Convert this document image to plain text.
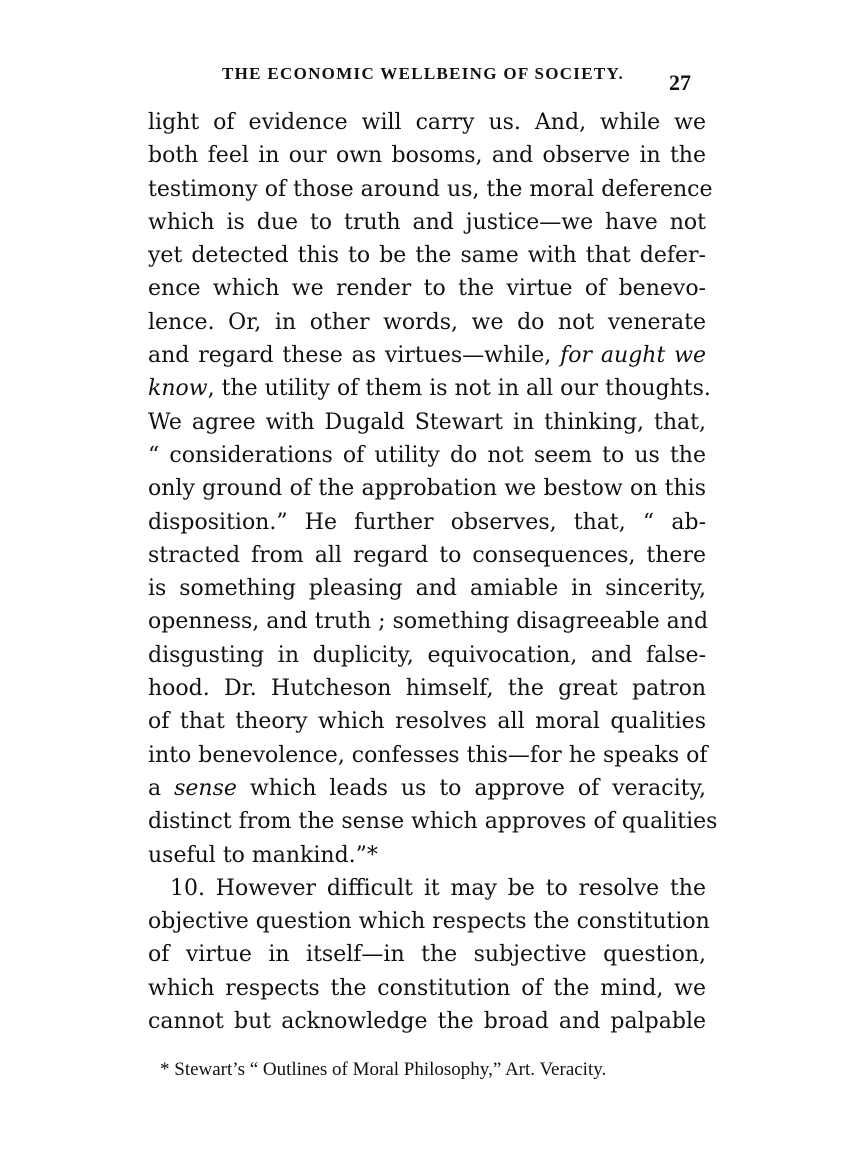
THE ECONOMIC WELLBEING OF SOCIETY. 27
light of evidence will carry us. And, while we
both feel in our own bosoms, and observe in the
testimony of those around us, the moral deference
which is due to truth and justice—we have not
yet detected this to be the same with that defer-
ence which we render to the virtue of benevo-
lence. Or, in other words, we do not venerate
and regard these as virtues—while, for aught we
know, the utility of them is not in all our thoughts.
We agree with Dugald Stewart in thinking, that,
“ considerations of utility do not seem to us the
only ground of the approbation we bestow on this
disposition.” He further observes, that, “ ab-
stracted from all regard to consequences, there
is something pleasing and amiable in sincerity,
openness, and truth ; something disagreeable and
disgusting in duplicity, equivocation, and false-
hood. Dr. Hutcheson himself, the great patron
of that theory which resolves all moral qualities
into benevolence, confesses this—for he speaks of
a sense which leads us to approve of veracity,
distinct from the sense which approves of qualities
useful to mankind.”*
10. However difficult it may be to resolve the
objective question which respects the constitution
of virtue in itself—in the subjective question,
which respects the constitution of the mind, we
cannot but acknowledge the broad and palpable
* Stewart’s “ Outlines of Moral Philosophy,” Art. Veracity.
